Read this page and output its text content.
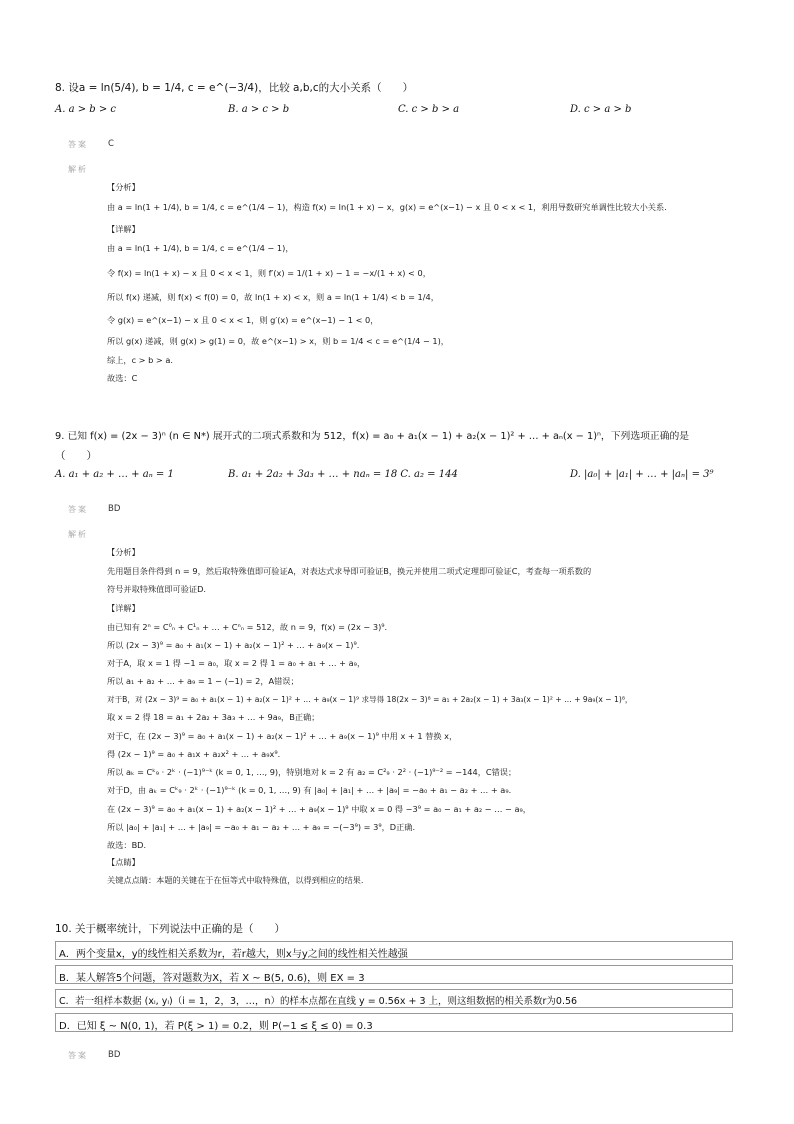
8. 设a = ln(5/4), b = 1/4, c = e^(−3/4)，比较 a,b,c的大小关系（　　）
A. a > b > c	B. a > c > b	C. c > b > a	D. c > a > b
答案 C
解析
【分析】
由 a = ln(1 + 1/4), b = 1/4, c = e^(1/4 − 1)，构造 f(x) = ln(1 + x) − x，g(x) = e^(x−1) − x 且 0 < x < 1，利用导数研究单调性比较大小关系.
【详解】
由 a = ln(1 + 1/4), b = 1/4, c = e^(1/4 − 1)，
令 f(x) = ln(1 + x) − x 且 0 < x < 1，则 f′(x) = 1/(1 + x) − 1 = −x/(1 + x) < 0，
所以 f(x) 递减，则 f(x) < f(0) = 0，故 ln(1 + x) < x，则 a = ln(1 + 1/4) < b = 1/4，
令 g(x) = e^(x−1) − x 且 0 < x < 1，则 g′(x) = e^(x−1) − 1 < 0，
所以 g(x) 递减，则 g(x) > g(1) = 0，故 e^(x−1) > x，则 b = 1/4 < c = e^(1/4 − 1)，
综上，c > b > a.
故选：C
9. 已知 f(x) = (2x − 3)ⁿ (n ∈ N*) 展开式的二项式系数和为 512，f(x) = a₀ + a₁(x − 1) + a₂(x − 1)² + … + aₙ(x − 1)ⁿ，下列选项正确的是
（　　）
A. a₁ + a₂ + … + aₙ = 1	B. a₁ + 2a₂ + 3a₃ + … + naₙ = 18 C. a₂ = 144	D. |a₀| + |a₁| + … + |aₙ| = 3⁹
答案 BD
解析
【分析】
先用题目条件得到 n = 9，然后取特殊值即可验证A，对表达式求导即可验证B，换元并使用二项式定理即可验证C，考查每一项系数的
符号并取特殊值即可验证D.
【详解】
由已知有 2ⁿ = C⁰ₙ + C¹ₙ + … + Cⁿₙ = 512，故 n = 9，f(x) = (2x − 3)⁹.
所以 (2x − 3)⁹ = a₀ + a₁(x − 1) + a₂(x − 1)² + … + a₉(x − 1)⁹.
对于A，取 x = 1 得 −1 = a₀，取 x = 2 得 1 = a₀ + a₁ + … + a₉，
所以 a₁ + a₂ + … + a₉ = 1 − (−1) = 2，A错误；
对于B，对 (2x − 3)⁹ = a₀ + a₁(x − 1) + a₂(x − 1)² + … + a₉(x − 1)⁹ 求导得 18(2x − 3)⁸ = a₁ + 2a₂(x − 1) + 3a₃(x − 1)² + … + 9a₉(x − 1)⁸，
取 x = 2 得 18 = a₁ + 2a₂ + 3a₃ + … + 9a₉，B正确；
对于C，在 (2x − 3)⁹ = a₀ + a₁(x − 1) + a₂(x − 1)² + … + a₉(x − 1)⁹ 中用 x + 1 替换 x，
得 (2x − 1)⁹ = a₀ + a₁x + a₂x² + … + a₉x⁹.
所以 aₖ = Cᵏ₉ · 2ᵏ · (−1)⁹⁻ᵏ (k = 0, 1, …, 9)，特别地对 k = 2 有 a₂ = C²₉ · 2² · (−1)⁹⁻² = −144，C错误；
对于D，由 aₖ = Cᵏ₉ · 2ᵏ · (−1)⁹⁻ᵏ (k = 0, 1, …, 9) 有 |a₀| + |a₁| + … + |a₉| = −a₀ + a₁ − a₂ + … + a₉.
在 (2x − 3)⁹ = a₀ + a₁(x − 1) + a₂(x − 1)² + … + a₉(x − 1)⁹ 中取 x = 0 得 −3⁹ = a₀ − a₁ + a₂ − … − a₉，
所以 |a₀| + |a₁| + … + |a₉| = −a₀ + a₁ − a₂ + … + a₉ = −(−3⁹) = 3⁹，D正确.
故选：BD.
【点睛】
关键点点睛：本题的关键在于在恒等式中取特殊值，以得到相应的结果.
10. 关于概率统计，下列说法中正确的是（　　）
A．两个变量x，y的线性相关系数为r，若r越大，则x与y之间的线性相关性越强
B．某人解答5个问题，答对题数为X，若 X ~ B(5, 0.6)，则 EX = 3
C．若一组样本数据 (xᵢ, yᵢ)（i = 1，2，3，…，n）的样本点都在直线 y = 0.56x + 3 上，则这组数据的相关系数r为0.56
D．已知 ξ ~ N(0, 1)，若 P(ξ > 1) = 0.2，则 P(−1 ≤ ξ ≤ 0) = 0.3
答案 BD
